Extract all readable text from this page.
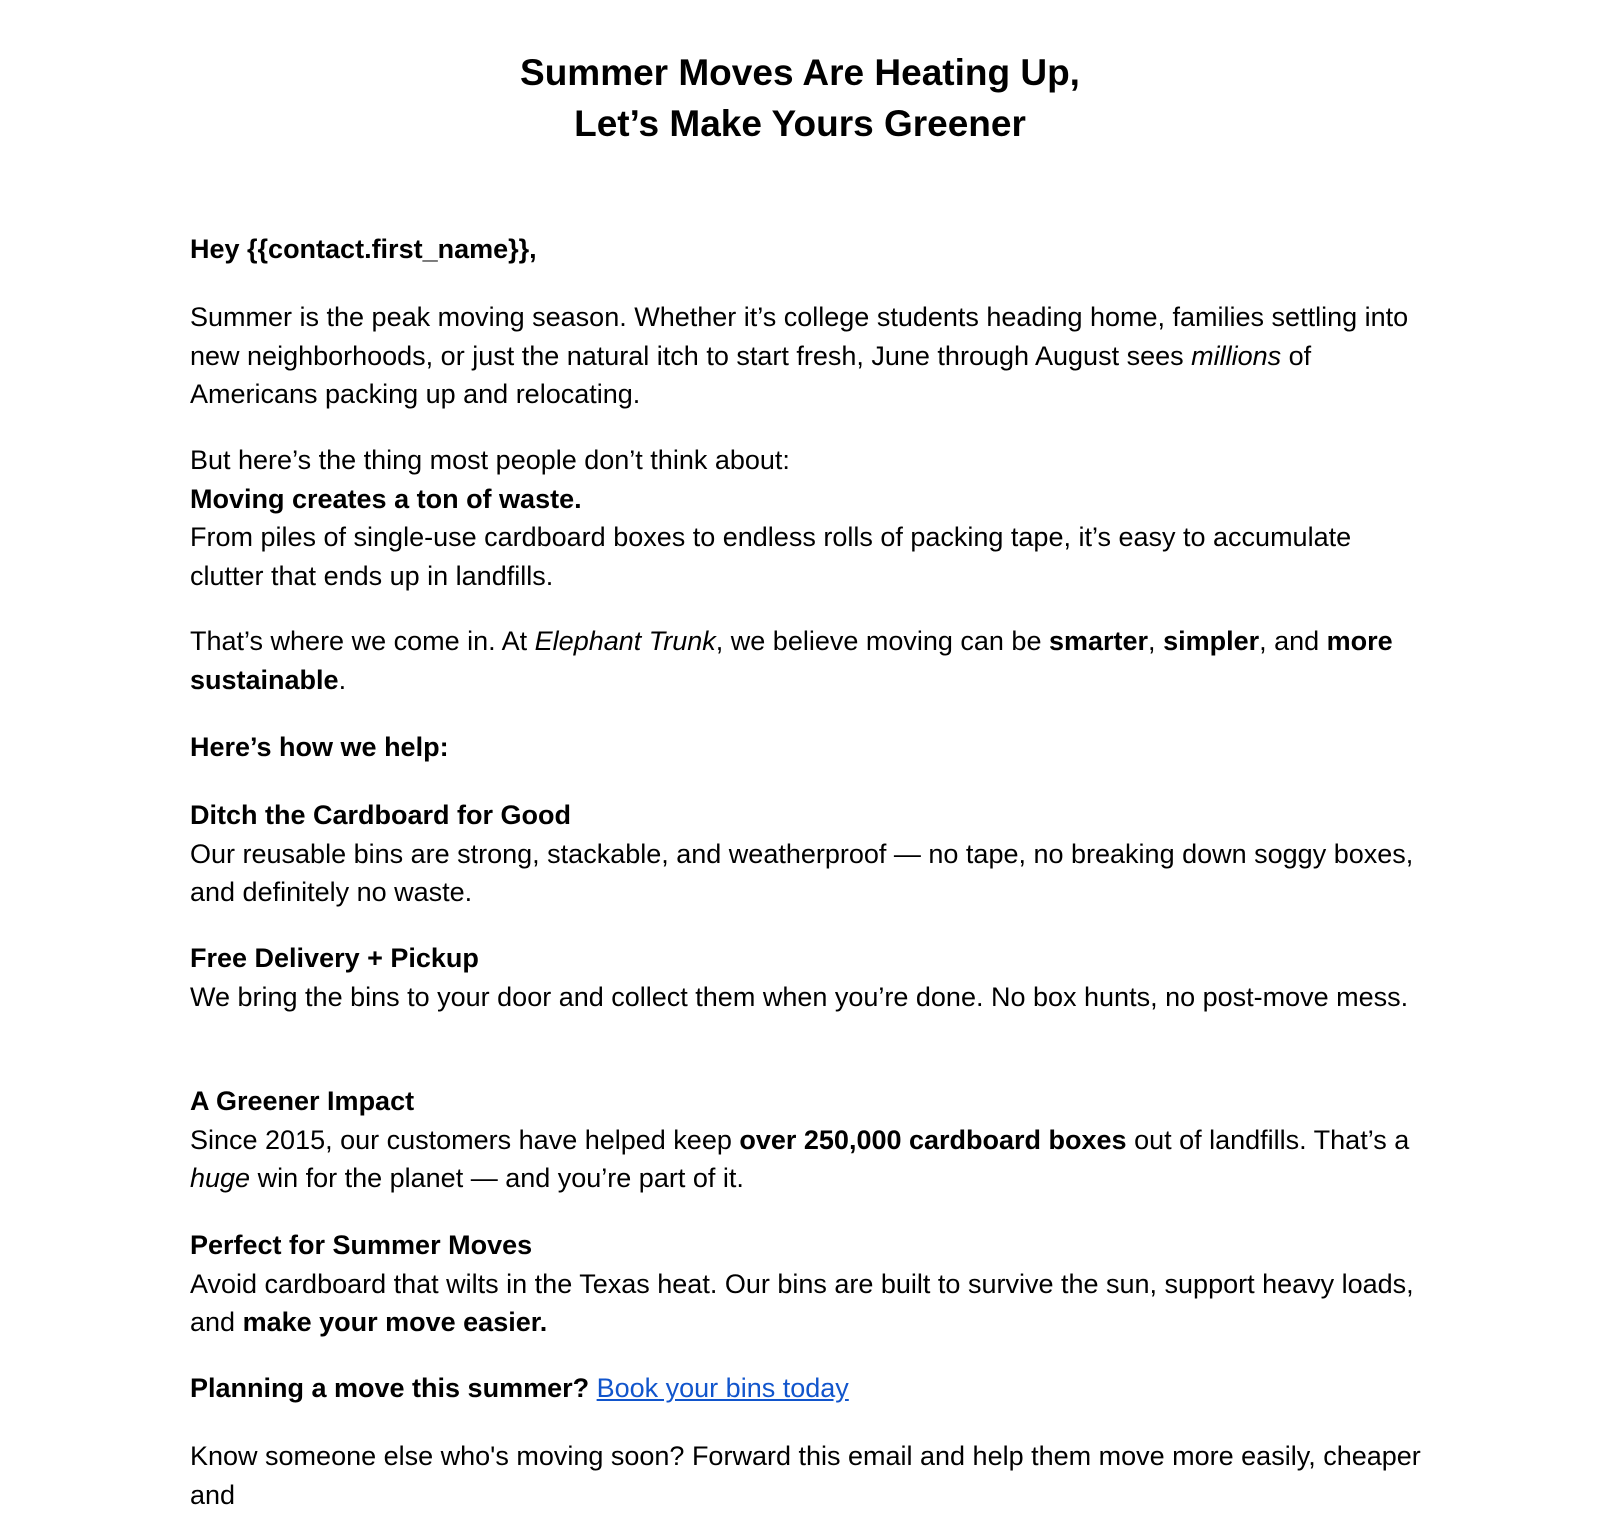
Summer Moves Are Heating Up,
Let’s Make Yours Greener

Hey {{contact.first_name}},

Summer is the peak moving season. Whether it’s college students heading home, families settling into new neighborhoods, or just the natural itch to start fresh, June through August sees millions of Americans packing up and relocating.

But here’s the thing most people don’t think about:
Moving creates a ton of waste.
From piles of single-use cardboard boxes to endless rolls of packing tape, it’s easy to accumulate clutter that ends up in landfills.

That’s where we come in. At Elephant Trunk, we believe moving can be smarter, simpler, and more sustainable.

Here’s how we help:

Ditch the Cardboard for Good
Our reusable bins are strong, stackable, and weatherproof — no tape, no breaking down soggy boxes, and definitely no waste.

Free Delivery + Pickup
We bring the bins to your door and collect them when you’re done. No box hunts, no post-move mess.

A Greener Impact
Since 2015, our customers have helped keep over 250,000 cardboard boxes out of landfills. That’s a huge win for the planet — and you’re part of it.

Perfect for Summer Moves
Avoid cardboard that wilts in the Texas heat. Our bins are built to survive the sun, support heavy loads, and make your move easier.

Planning a move this summer? Book your bins today

Know someone else who's moving soon? Forward this email and help them move more easily, cheaper and
